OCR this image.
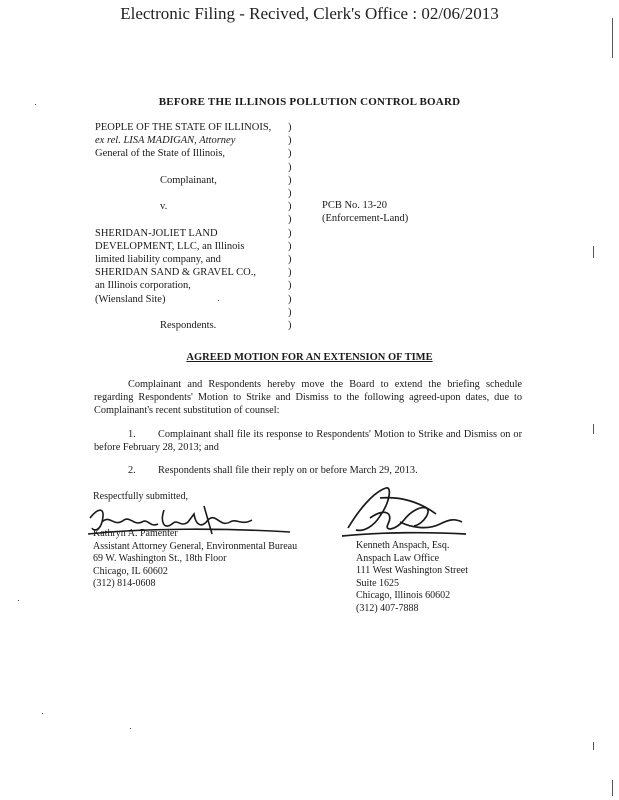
Electronic Filing - Recived, Clerk's Office : 02/06/2013
BEFORE THE ILLINOIS POLLUTION CONTROL BOARD
PEOPLE OF THE STATE OF ILLINOIS,
ex rel. LISA MADIGAN, Attorney
General of the State of Illinois,
Complainant,
v.
SHERIDAN-JOLIET LAND
DEVELOPMENT, LLC, an Illinois
limited liability company, and
SHERIDAN SAND & GRAVEL CO.,
an Illinois corporation,
(Wiensland Site)
Respondents.
)
)
)
)
)
)
)
)
)
)
)
)
)
)
)
)
PCB No. 13-20
(Enforcement-Land)
AGREED MOTION FOR AN EXTENSION OF TIME
Complainant and Respondents hereby move the Board to extend the briefing schedule regarding Respondents' Motion to Strike and Dismiss to the following agreed-upon dates, due to Complainant's recent substitution of counsel:
1. Complainant shall file its response to Respondents' Motion to Strike and Dismiss on or before February 28, 2013; and
2. Respondents shall file their reply on or before March 29, 2013.
Respectfully submitted,
Kathryn A. Pamenter
Assistant Attorney General, Environmental Bureau
69 W. Washington St., 18th Floor
Chicago, IL 60602
(312) 814-0608
Kenneth Anspach, Esq.
Anspach Law Office
111 West Washington Street
Suite 1625
Chicago, Illinois 60602
(312) 407-7888
